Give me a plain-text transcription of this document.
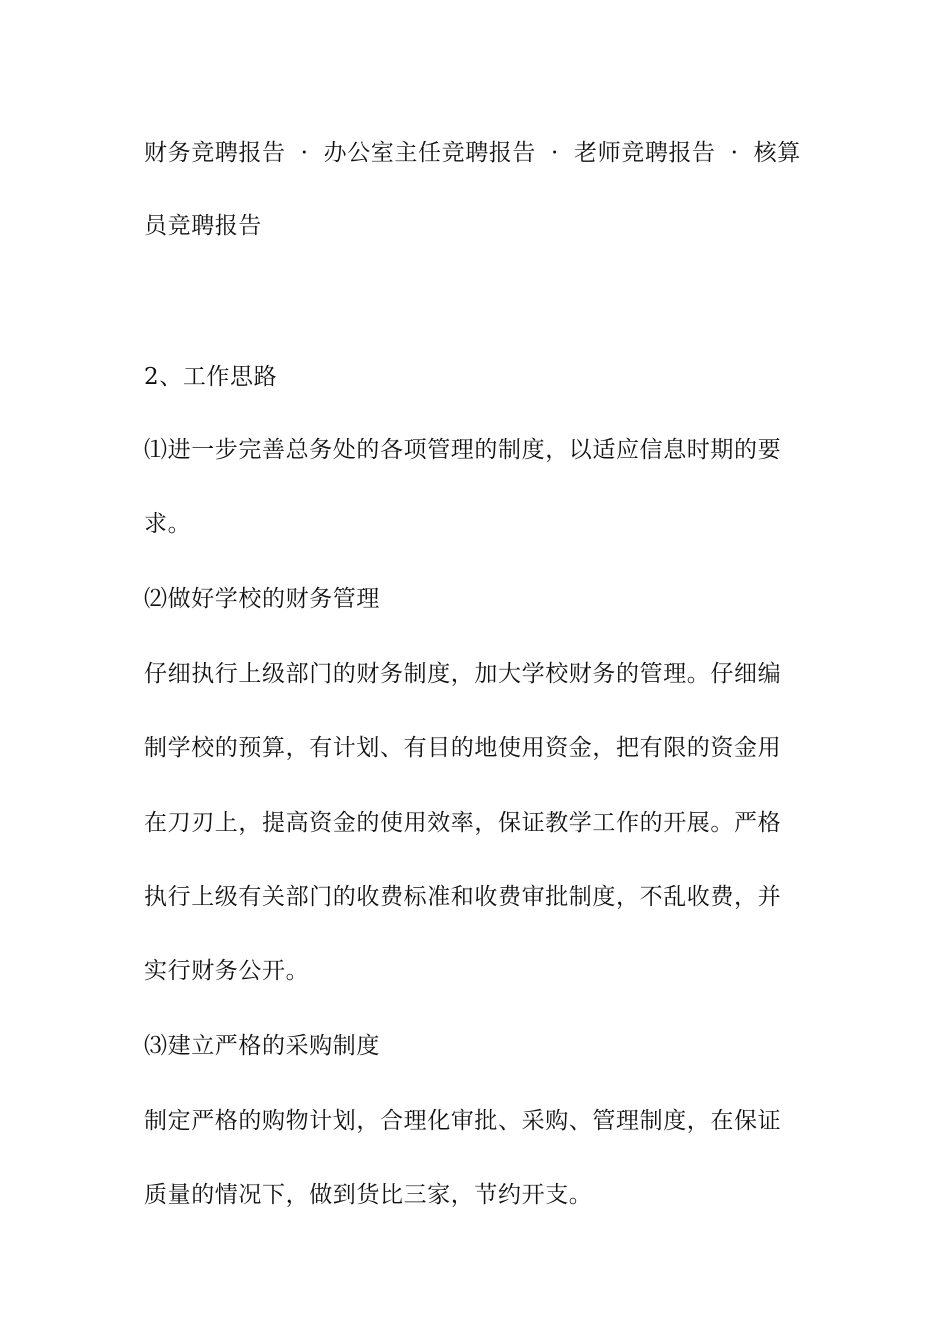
财务竞聘报告 · 办公室主任竞聘报告 · 老师竞聘报告 · 核算
员竞聘报告
2、工作思路
⑴进一步完善总务处的各项管理的制度，以适应信息时期的要
求。
⑵做好学校的财务管理
仔细执行上级部门的财务制度，加大学校财务的管理。仔细编
制学校的预算，有计划、有目的地使用资金，把有限的资金用
在刀刃上，提高资金的使用效率，保证教学工作的开展。严格
执行上级有关部门的收费标准和收费审批制度，不乱收费，并
实行财务公开。
⑶建立严格的采购制度
制定严格的购物计划，合理化审批、采购、管理制度，在保证
质量的情况下，做到货比三家，节约开支。
